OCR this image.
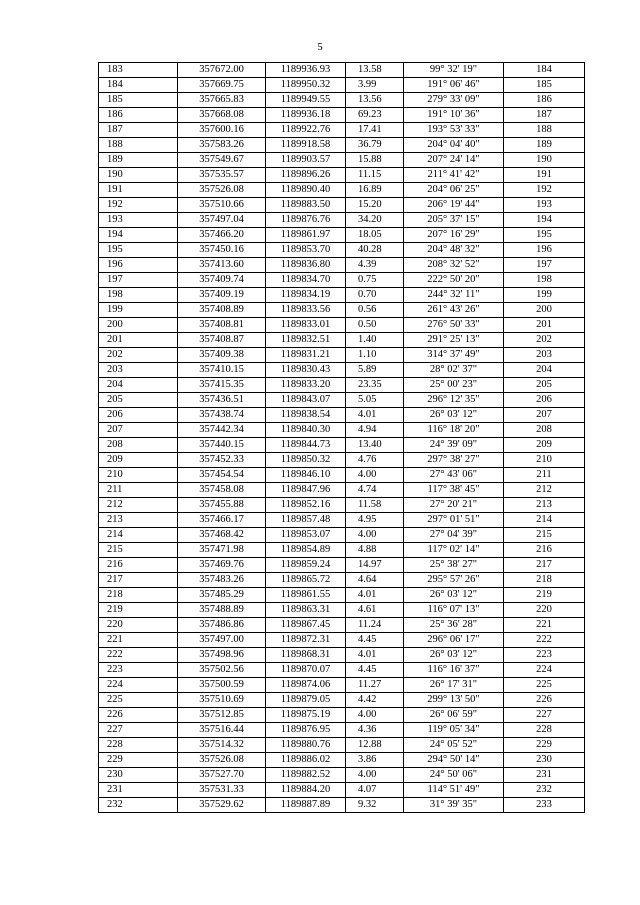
5
183	357672.00	1189936.93	13.58	99° 32' 19"	184
184	357669.75	1189950.32	3.99	191° 06' 46"	185
185	357665.83	1189949.55	13.56	279° 33' 09"	186
186	357668.08	1189936.18	69.23	191° 10' 36"	187
187	357600.16	1189922.76	17.41	193° 53' 33"	188
188	357583.26	1189918.58	36.79	204° 04' 40"	189
189	357549.67	1189903.57	15.88	207° 24' 14"	190
190	357535.57	1189896.26	11.15	211° 41' 42"	191
191	357526.08	1189890.40	16.89	204° 06' 25"	192
192	357510.66	1189883.50	15.20	206° 19' 44"	193
193	357497.04	1189876.76	34.20	205° 37' 15"	194
194	357466.20	1189861.97	18.05	207° 16' 29"	195
195	357450.16	1189853.70	40.28	204° 48' 32"	196
196	357413.60	1189836.80	4.39	208° 32' 52"	197
197	357409.74	1189834.70	0.75	222° 50' 20"	198
198	357409.19	1189834.19	0.70	244° 32' 11"	199
199	357408.89	1189833.56	0.56	261° 43' 26"	200
200	357408.81	1189833.01	0.50	276° 50' 33"	201
201	357408.87	1189832.51	1.40	291° 25' 13"	202
202	357409.38	1189831.21	1.10	314° 37' 49"	203
203	357410.15	1189830.43	5.89	28° 02' 37"	204
204	357415.35	1189833.20	23.35	25° 00' 23"	205
205	357436.51	1189843.07	5.05	296° 12' 35"	206
206	357438.74	1189838.54	4.01	26° 03' 12"	207
207	357442.34	1189840.30	4.94	116° 18' 20"	208
208	357440.15	1189844.73	13.40	24° 39' 09"	209
209	357452.33	1189850.32	4.76	297° 38' 27"	210
210	357454.54	1189846.10	4.00	27° 43' 06"	211
211	357458.08	1189847.96	4.74	117° 38' 45"	212
212	357455.88	1189852.16	11.58	27° 20' 21"	213
213	357466.17	1189857.48	4.95	297° 01' 51"	214
214	357468.42	1189853.07	4.00	27° 04' 39"	215
215	357471.98	1189854.89	4.88	117° 02' 14"	216
216	357469.76	1189859.24	14.97	25° 38' 27"	217
217	357483.26	1189865.72	4.64	295° 57' 26"	218
218	357485.29	1189861.55	4.01	26° 03' 12"	219
219	357488.89	1189863.31	4.61	116° 07' 13"	220
220	357486.86	1189867.45	11.24	25° 36' 28"	221
221	357497.00	1189872.31	4.45	296° 06' 17"	222
222	357498.96	1189868.31	4.01	26° 03' 12"	223
223	357502.56	1189870.07	4.45	116° 16' 37"	224
224	357500.59	1189874.06	11.27	26° 17' 31"	225
225	357510.69	1189879.05	4.42	299° 13' 50"	226
226	357512.85	1189875.19	4.00	26° 06' 59"	227
227	357516.44	1189876.95	4.36	119° 05' 34"	228
228	357514.32	1189880.76	12.88	24° 05' 52"	229
229	357526.08	1189886.02	3.86	294° 50' 14"	230
230	357527.70	1189882.52	4.00	24° 50' 06"	231
231	357531.33	1189884.20	4.07	114° 51' 49"	232
232	357529.62	1189887.89	9.32	31° 39' 35"	233
